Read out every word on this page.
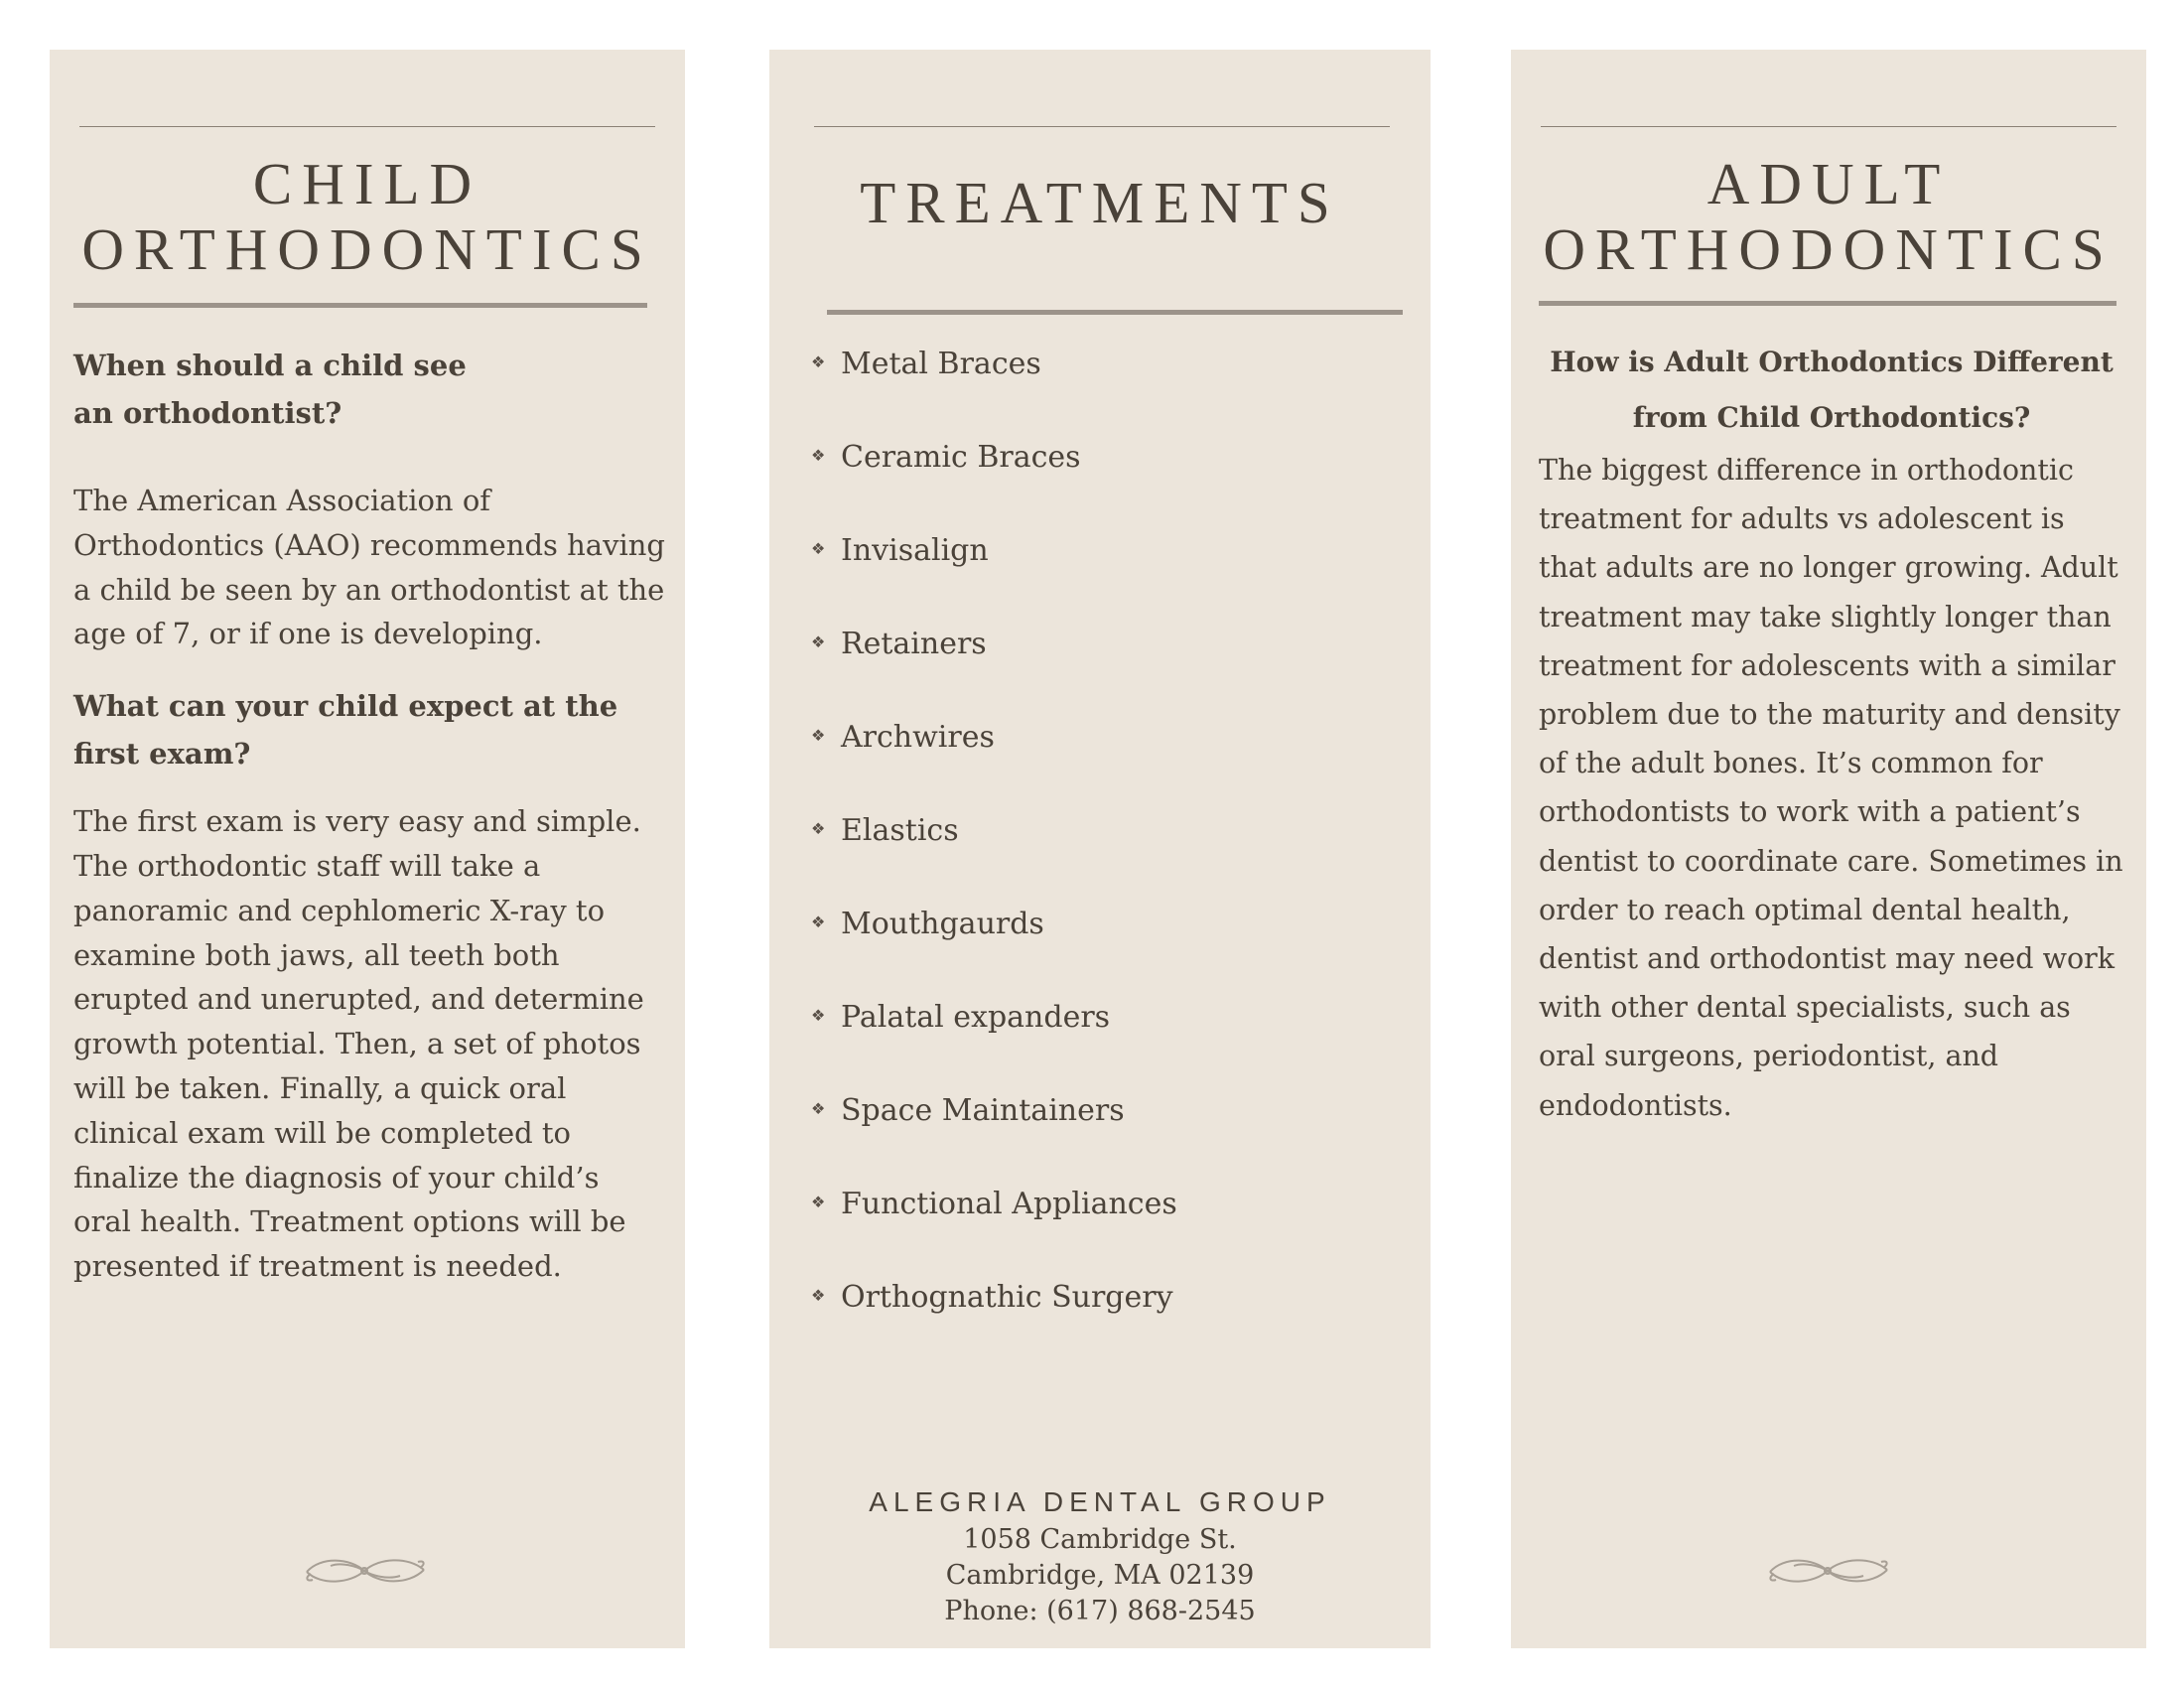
CHILD
ORTHODONTICS

When should a child see an orthodontist?

The American Association of Orthodontics (AAO) recommends having a child be seen by an orthodontist at the age of 7, or if one is developing.

What can your child expect at the first exam?

The first exam is very easy and simple. The orthodontic staff will take a panoramic and cephlomeric X-ray to examine both jaws, all teeth both erupted and unerupted, and determine growth potential. Then, a set of photos will be taken. Finally, a quick oral clinical exam will be completed to finalize the diagnosis of your child’s oral health. Treatment options will be presented if treatment is needed.

TREATMENTS
❖ Metal Braces
❖ Ceramic Braces
❖ Invisalign
❖ Retainers
❖ Archwires
❖ Elastics
❖ Mouthgaurds
❖ Palatal expanders
❖ Space Maintainers
❖ Functional Appliances
❖ Orthognathic Surgery
ALEGRIA DENTAL GROUP
1058 Cambridge St.
Cambridge, MA 02139
Phone: (617) 868-2545
ADULT
ORTHODONTICS

How is Adult Orthodontics Different from Child Orthodontics?

The biggest difference in orthodontic treatment for adults vs adolescent is that adults are no longer growing. Adult treatment may take slightly longer than treatment for adolescents with a similar problem due to the maturity and density of the adult bones. It’s common for orthodontists to work with a patient’s dentist to coordinate care. Sometimes in order to reach optimal dental health, dentist and orthodontist may need work with other dental specialists, such as oral surgeons, periodontist, and endodontists.
